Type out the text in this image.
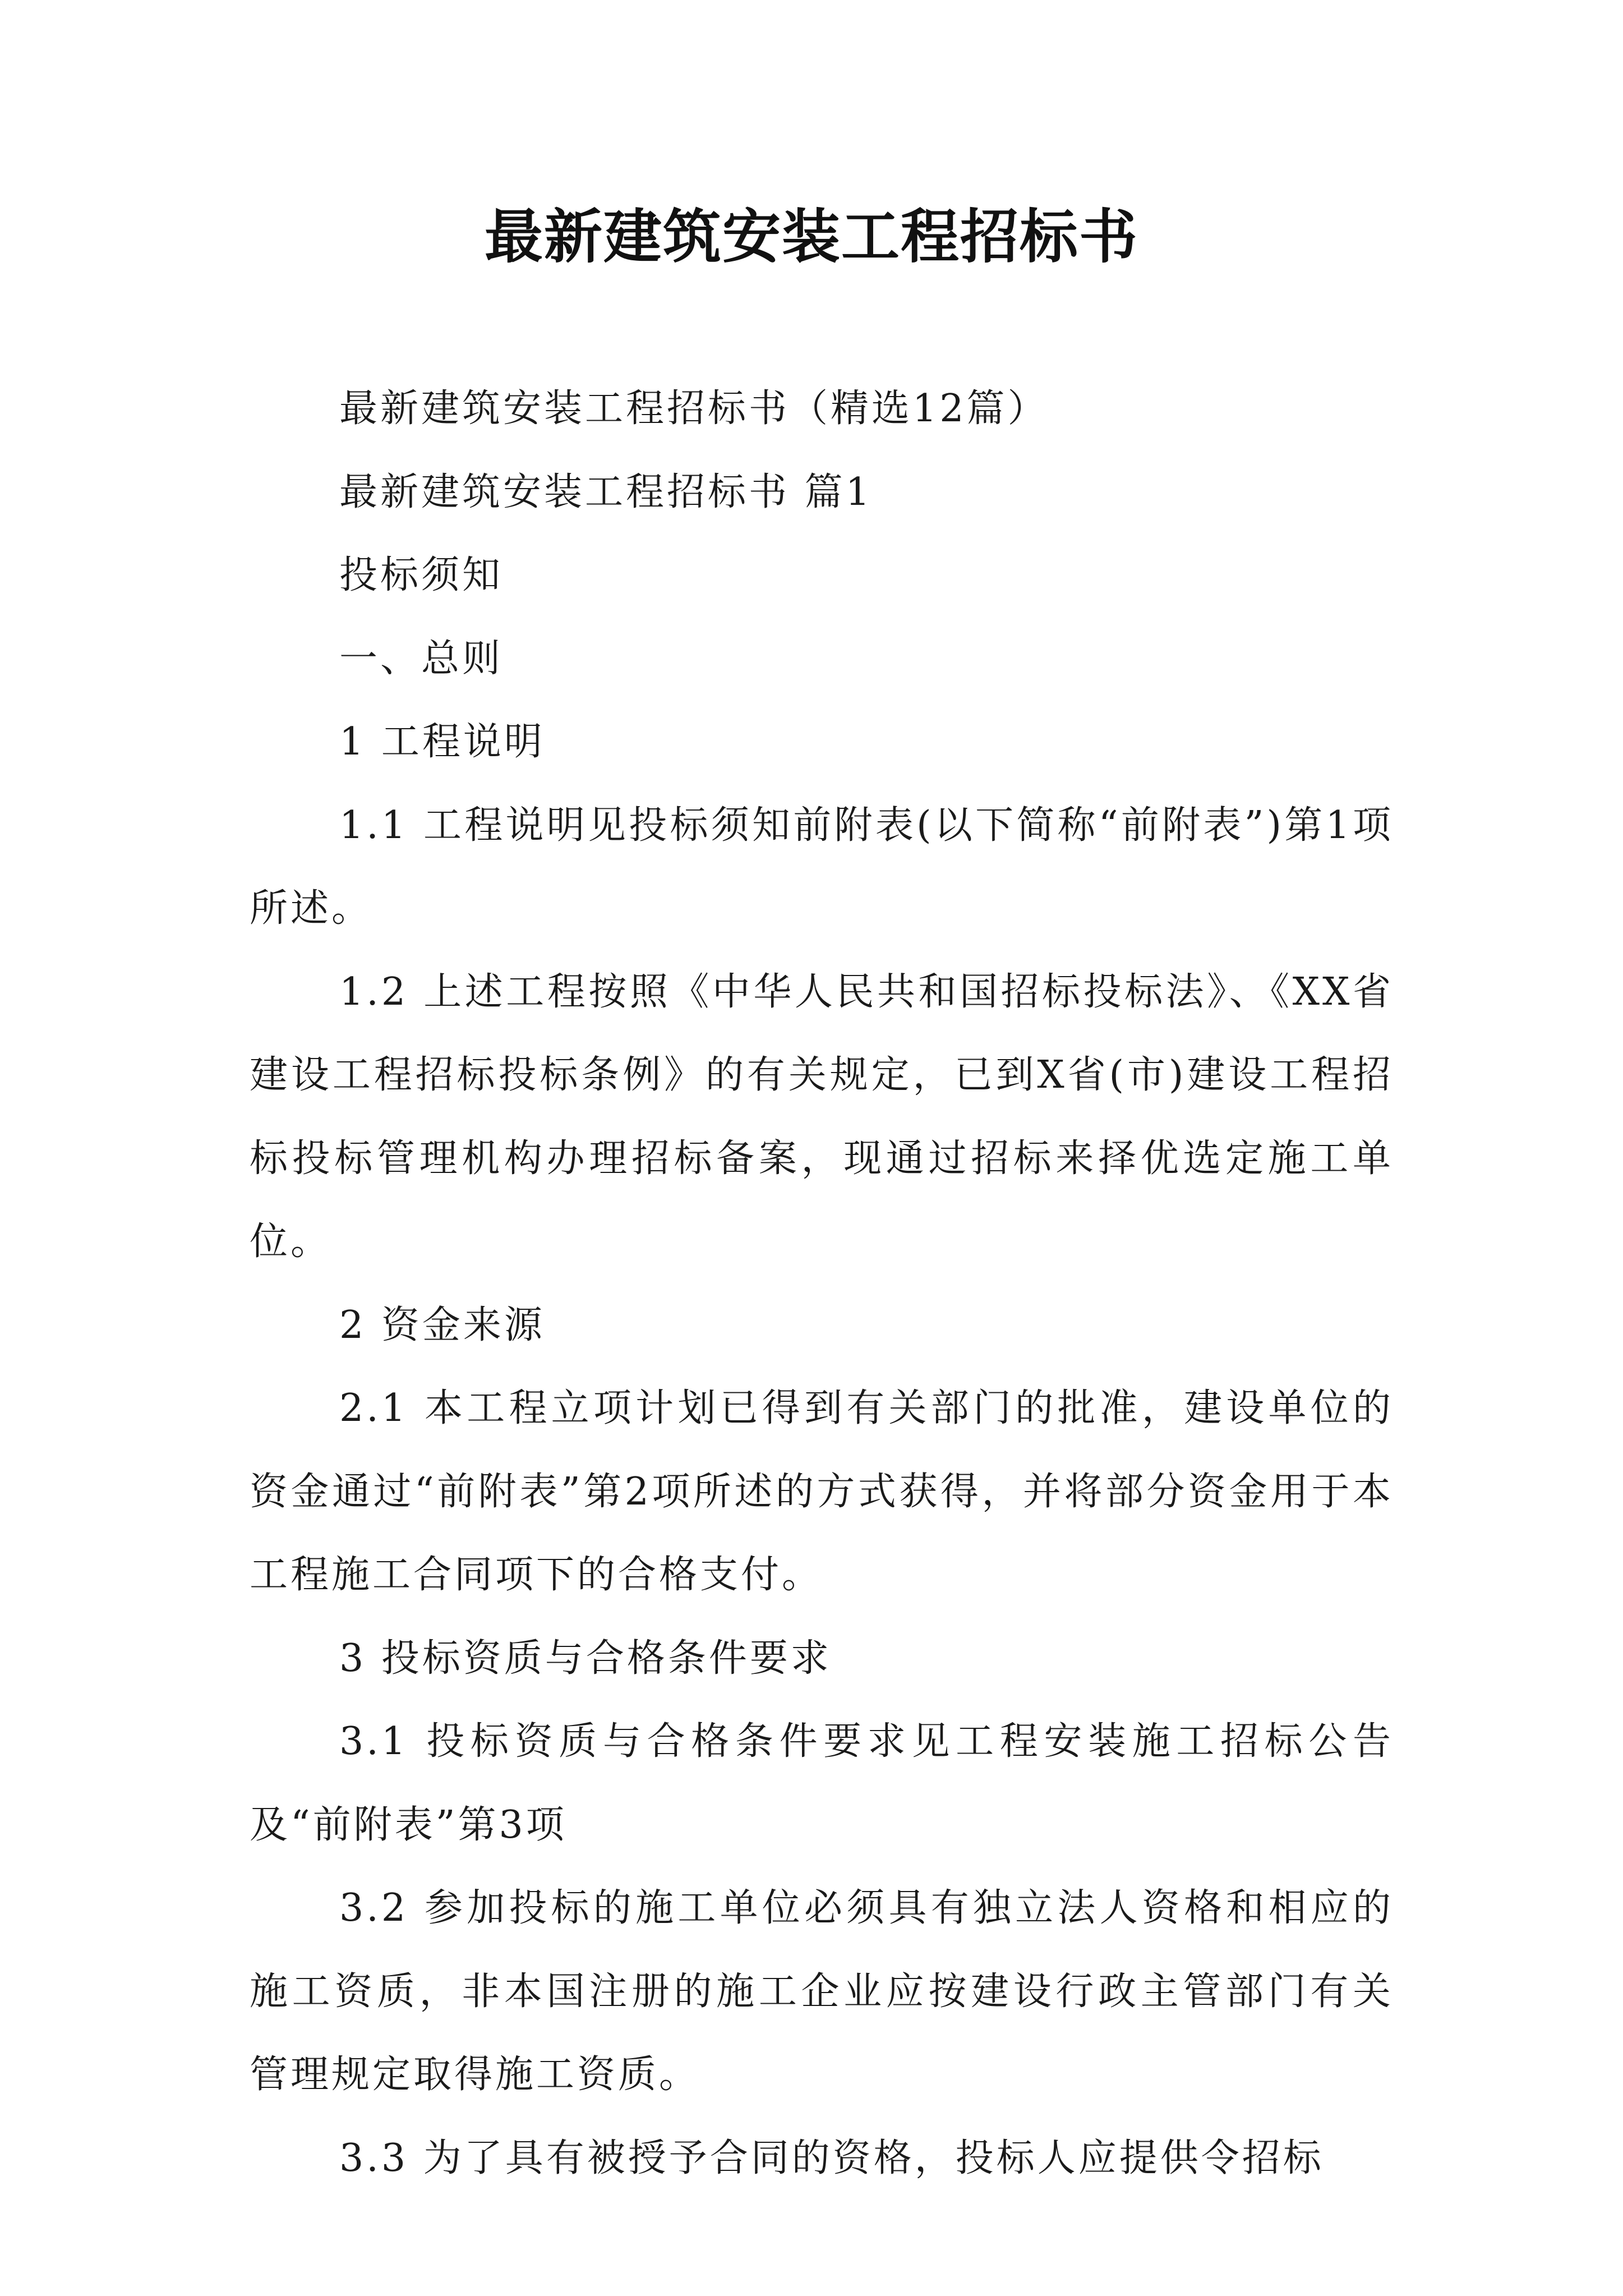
最新建筑安装工程招标书

最新建筑安装工程招标书（精选12篇）

最新建筑安装工程招标书 篇1

投标须知

一、总则

1 工程说明

1.1 工程说明见投标须知前附表(以下简称“前附表”)第1项所述。

1.2 上述工程按照《中华人民共和国招标投标法》、《XX省建设工程招标投标条例》的有关规定，已到X省(市)建设工程招标投标管理机构办理招标备案，现通过招标来择优选定施工单位。

2 资金来源

2.1 本工程立项计划已得到有关部门的批准，建设单位的资金通过“前附表”第2项所述的方式获得，并将部分资金用于本工程施工合同项下的合格支付。

3 投标资质与合格条件要求

3.1 投标资质与合格条件要求见工程安装施工招标公告及“前附表”第3项

3.2 参加投标的施工单位必须具有独立法人资格和相应的施工资质，非本国注册的施工企业应按建设行政主管部门有关管理规定取得施工资质。

3.3 为了具有被授予合同的资格，投标人应提供令招标
